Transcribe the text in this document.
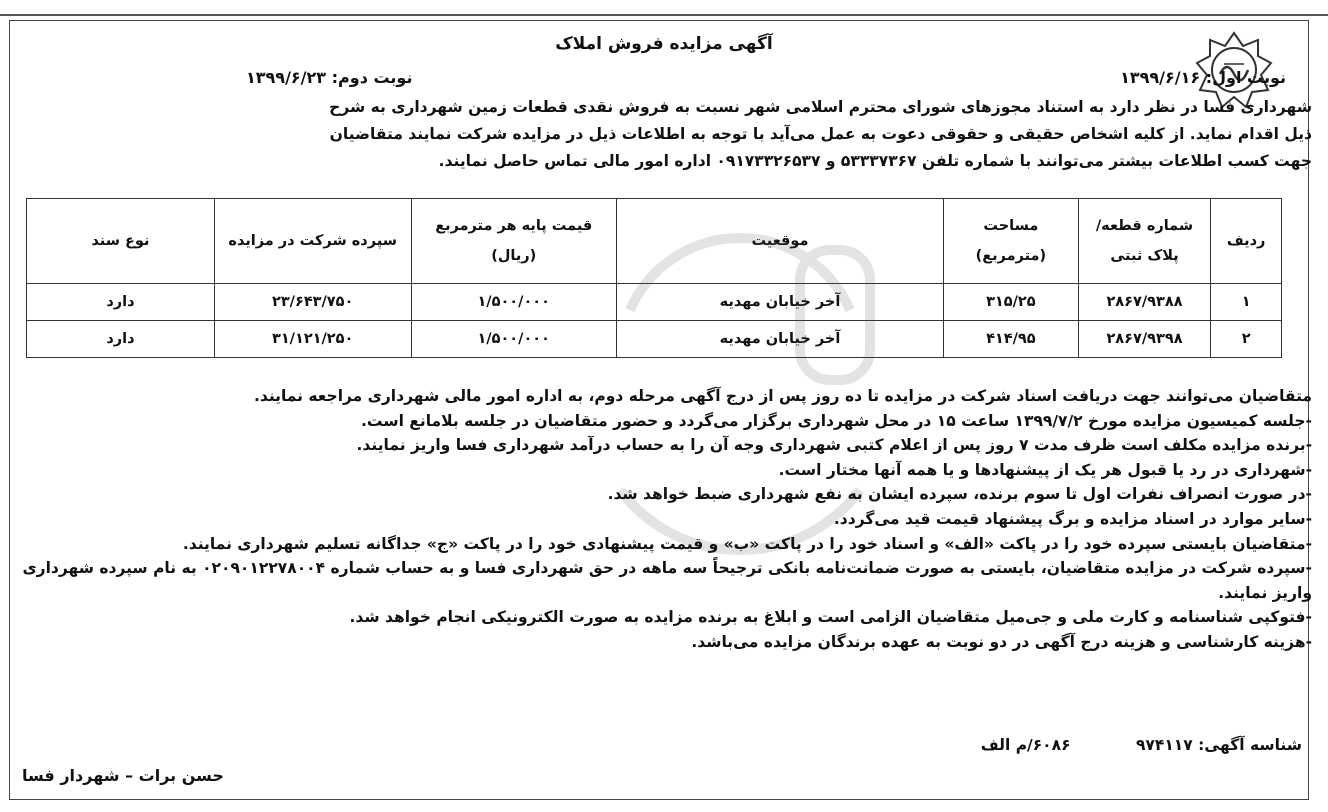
آگهی مزایده فروش املاک
نوبت اول: ۱۳۹۹/۶/۱۶
نوبت دوم: ۱۳۹۹/۶/۲۳
شهرداری فسا در نظر دارد به استناد مجوزهای شورای محترم اسلامی شهر نسبت به فروش نقدی قطعات زمین شهرداری به شرح
ذیل اقدام نماید. از کلیه اشخاص حقیقی و حقوقی دعوت به عمل می‌آید با توجه به اطلاعات ذیل در مزایده شرکت نمایند متقاضیان
جهت کسب اطلاعات بیشتر می‌توانند با شماره تلفن ۵۳۳۳۷۳۶۷ و ۰۹۱۷۳۳۲۶۵۳۷ اداره امور مالی تماس حاصل نمایند.
ردیف	شماره قطعه/ پلاک ثبتی	مساحت (مترمربع)	موقعیت	قیمت پایه هر مترمربع (ریال)	سپرده شرکت در مزایده	نوع سند
۱	۲۸۶۷/۹۳۸۸	۳۱۵/۲۵	آخر خیابان مهدیه	۱/۵۰۰/۰۰۰	۲۳/۶۴۳/۷۵۰	دارد
۲	۲۸۶۷/۹۳۹۸	۴۱۴/۹۵	آخر خیابان مهدیه	۱/۵۰۰/۰۰۰	۳۱/۱۲۱/۲۵۰	دارد
متقاضیان می‌توانند جهت دریافت اسناد شرکت در مزایده تا ده روز پس از درج آگهی مرحله دوم، به اداره امور مالی شهرداری مراجعه نمایند.
-جلسه کمیسیون مزایده مورخ ۱۳۹۹/۷/۲ ساعت ۱۵ در محل شهرداری برگزار می‌گردد و حضور متقاضیان در جلسه بلامانع است.
-برنده مزایده مکلف است ظرف مدت ۷ روز پس از اعلام کتبی شهرداری وجه آن را به حساب درآمد شهرداری فسا واریز نمایند.
-شهرداری در رد یا قبول هر یک از پیشنهادها و یا همه آنها مختار است.
-در صورت انصراف نفرات اول تا سوم برنده، سپرده ایشان به نفع شهرداری ضبط خواهد شد.
-سایر موارد در اسناد مزایده و برگ پیشنهاد قیمت قید می‌گردد.
-متقاضیان بایستی سپرده خود را در پاکت «الف» و اسناد خود را در پاکت «ب» و قیمت پیشنهادی خود را در پاکت «ج» جداگانه تسلیم شهرداری نمایند.
-سپرده شرکت در مزایده متقاضیان، بایستی به صورت ضمانت‌نامه بانکی ترجیحاً سه ماهه در حق شهرداری فسا و به حساب شماره ۰۲۰۹۰۱۲۲۷۸۰۰۴ به نام سپرده شهرداری واریز نمایند.
-فتوکپی شناسنامه و کارت ملی و جی‌میل متقاضیان الزامی است و ابلاغ به برنده مزایده به صورت الکترونیکی انجام خواهد شد.
-هزینه کارشناسی و هزینه درج آگهی در دو نوبت به عهده برندگان مزایده می‌باشد.
شناسه آگهی: ۹۷۴۱۱۷ ۶۰۸۶/م الف
حسن برات – شهردار فسا
